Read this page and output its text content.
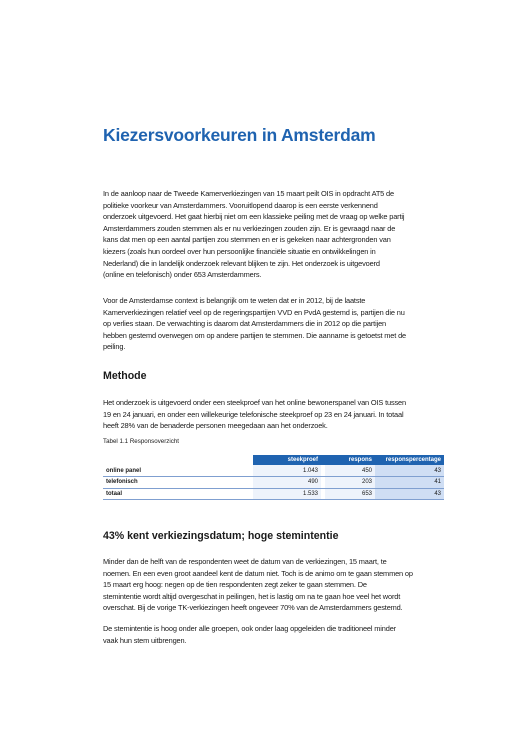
Kiezersvoorkeuren in Amsterdam
In de aanloop naar de Tweede Kamerverkiezingen van 15 maart peilt OIS in opdracht AT5 de
politieke voorkeur van Amsterdammers. Vooruitlopend daarop is een eerste verkennend
onderzoek uitgevoerd. Het gaat hierbij niet om een klassieke peiling met de vraag op welke partij
Amsterdammers zouden stemmen als er nu verkiezingen zouden zijn. Er is gevraagd naar de
kans dat men op een aantal partijen zou stemmen en er is gekeken naar achtergronden van
kiezers (zoals hun oordeel over hun persoonlijke financiële situatie en ontwikkelingen in
Nederland) die in landelijk onderzoek relevant blijken te zijn. Het onderzoek is uitgevoerd
(online en telefonisch) onder 653 Amsterdammers.
Voor de Amsterdamse context is belangrijk om te weten dat er in 2012, bij de laatste
Kamerverkiezingen relatief veel op de regeringspartijen VVD en PvdA gestemd is, partijen die nu
op verlies staan. De verwachting is daarom dat Amsterdammers die in 2012 op die partijen
hebben gestemd overwegen om op andere partijen te stemmen. Die aanname is getoetst met de
peiling.
Methode
Het onderzoek is uitgevoerd onder een steekproef van het online bewonerspanel van OIS tussen
19 en 24 januari, en onder een willekeurige telefonische steekproef op 23 en 24 januari. In totaal
heeft 28% van de benaderde personen meegedaan aan het onderzoek.
Tabel 1.1 Responsoverzicht
	steekproef		respons	responspercentage
online panel	1.043		450	43
telefonisch	490		203	41
totaal	1.533		653	43
43% kent verkiezingsdatum; hoge stemintentie
Minder dan de helft van de respondenten weet de datum van de verkiezingen, 15 maart, te
noemen. En een even groot aandeel kent de datum niet. Toch is de animo om te gaan stemmen op
15 maart erg hoog: negen op de tien respondenten zegt zeker te gaan stemmen. De
stemintentie wordt altijd overgeschat in peilingen, het is lastig om na te gaan hoe veel het wordt
overschat. Bij de vorige TK-verkiezingen heeft ongeveer 70% van de Amsterdammers gestemd.
De stemintentie is hoog onder alle groepen, ook onder laag opgeleiden die traditioneel minder
vaak hun stem uitbrengen.
